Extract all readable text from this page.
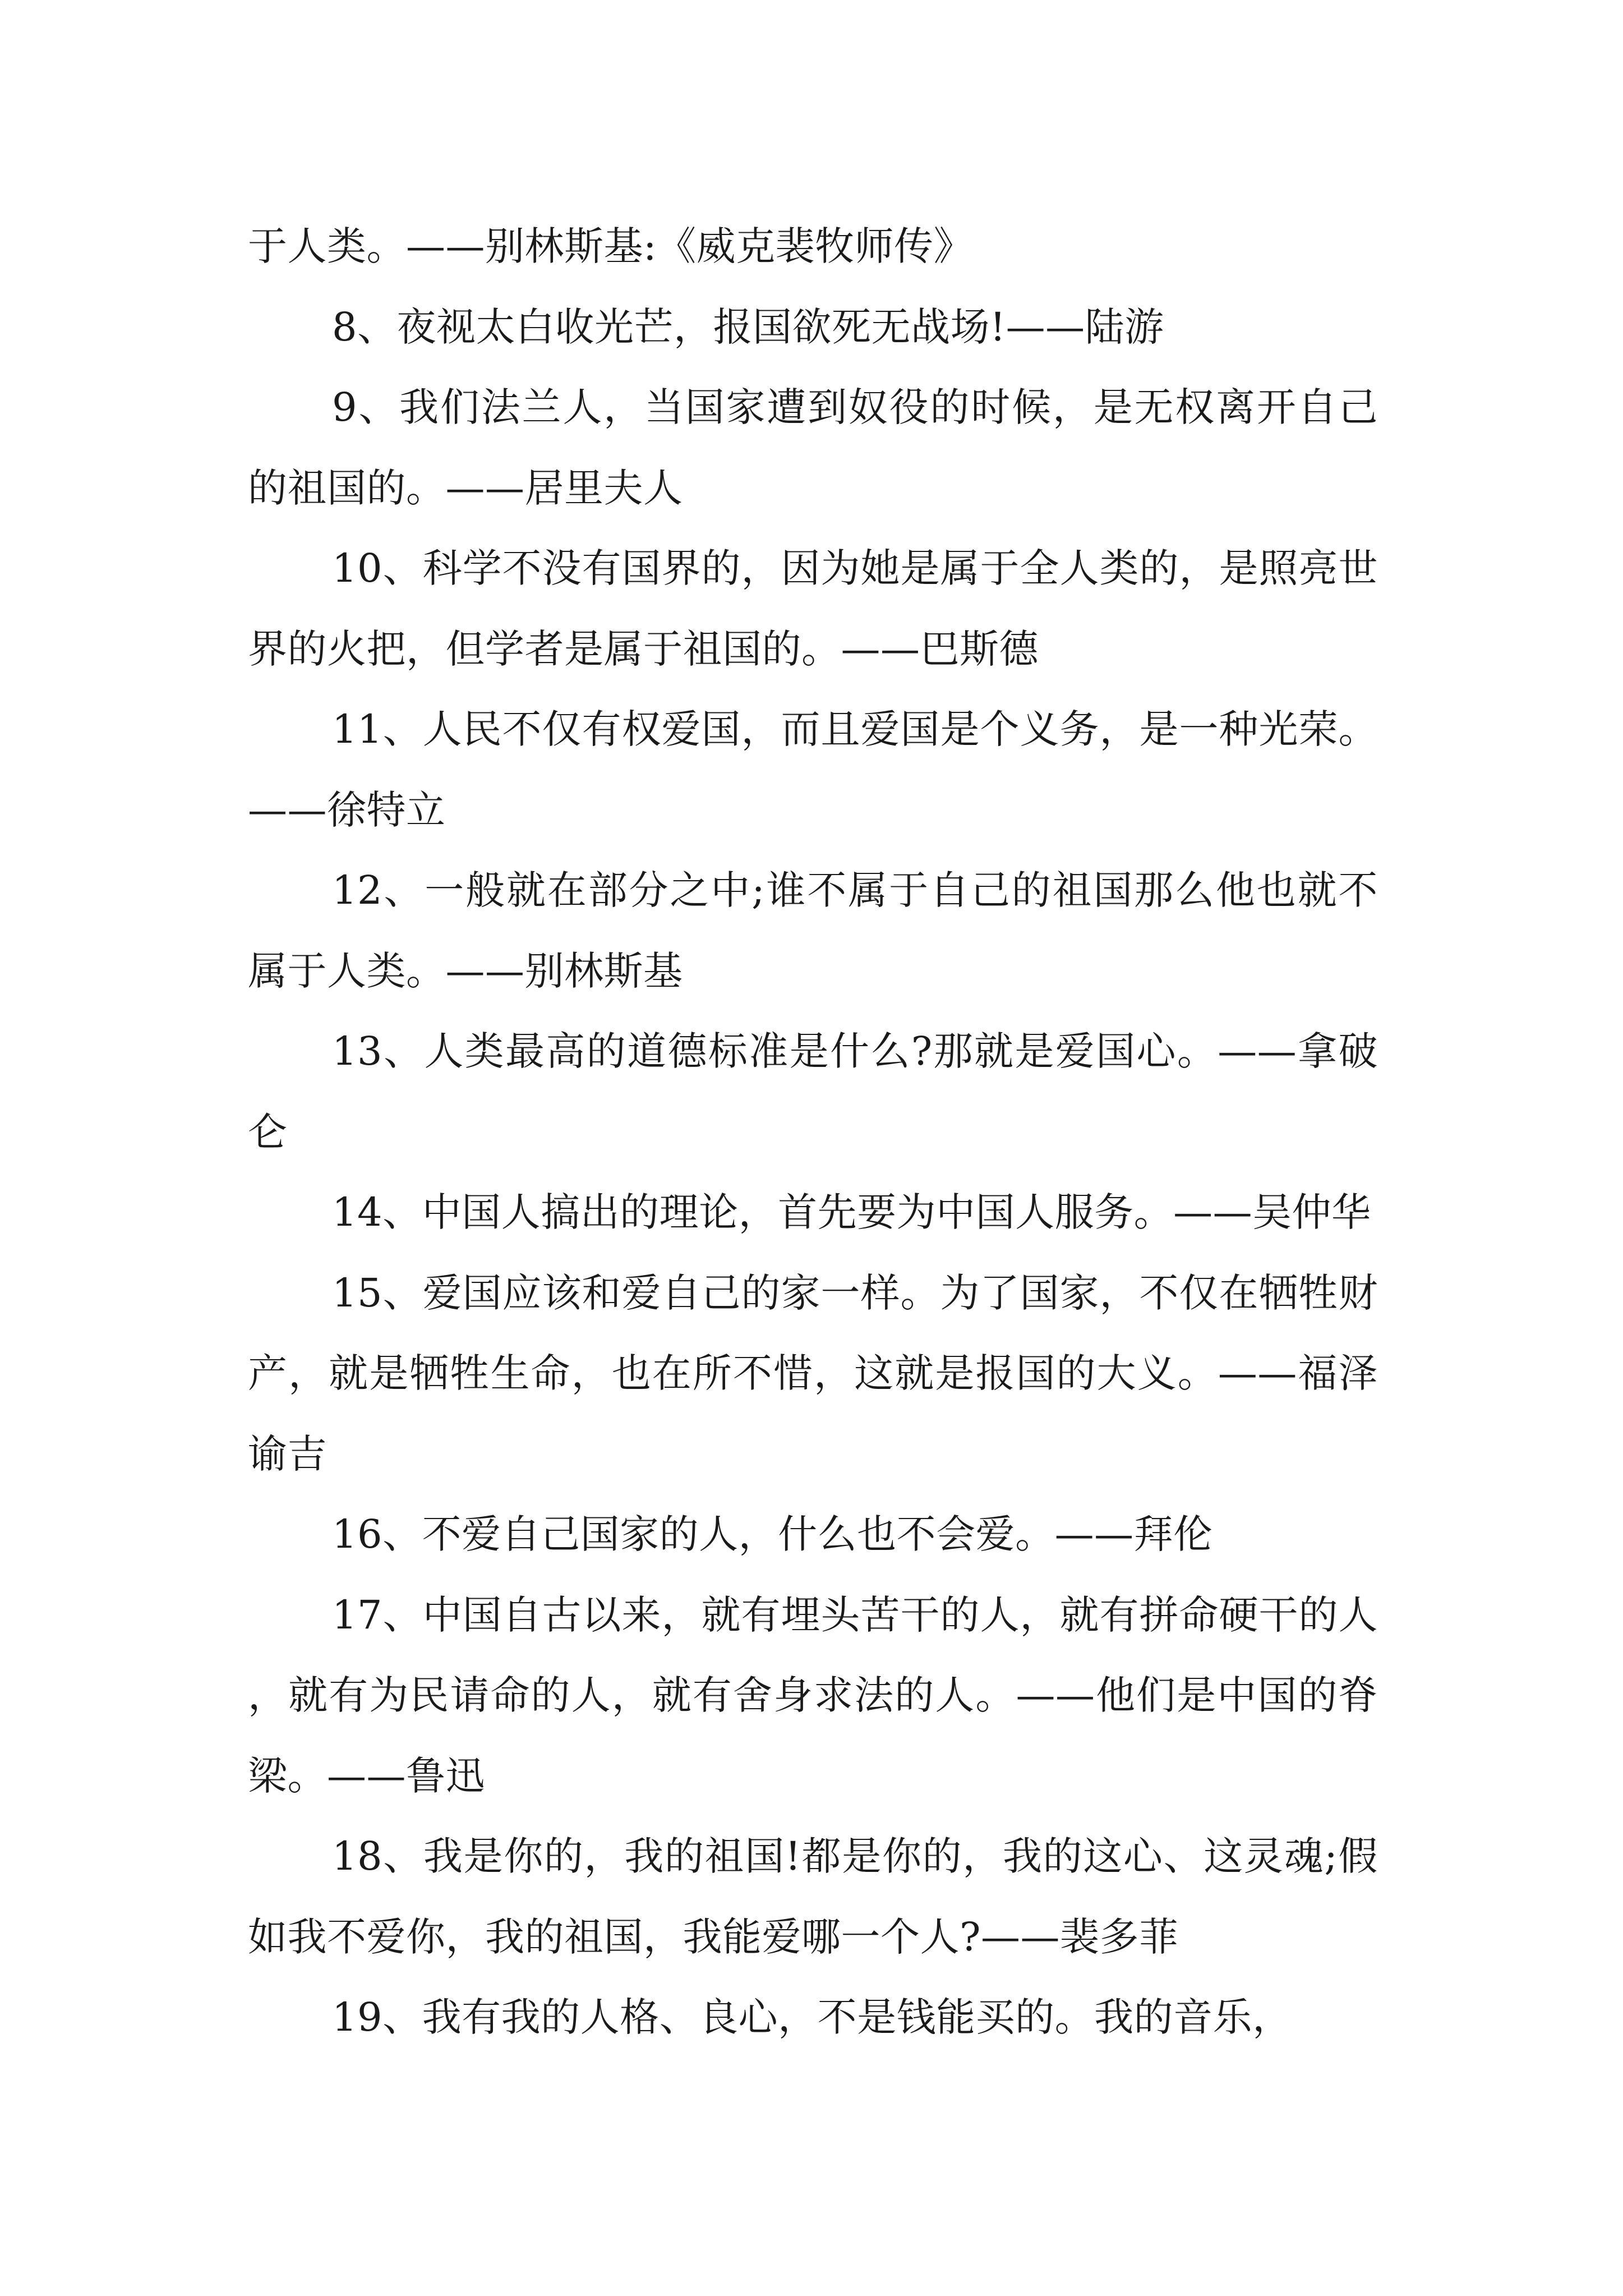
于人类。——别林斯基:《威克裴牧师传》

8、夜视太白收光芒，报国欲死无战场!——陆游

9、我们法兰人，当国家遭到奴役的时候，是无权离开自己的祖国的。——居里夫人

10、科学不没有国界的，因为她是属于全人类的，是照亮世界的火把，但学者是属于祖国的。——巴斯德

11、人民不仅有权爱国，而且爱国是个义务，是一种光荣。——徐特立

12、一般就在部分之中;谁不属于自己的祖国那么他也就不属于人类。——别林斯基

13、人类最高的道德标准是什么?那就是爱国心。——拿破仑

14、中国人搞出的理论，首先要为中国人服务。——吴仲华

15、爱国应该和爱自己的家一样。为了国家，不仅在牺牲财产，就是牺牲生命，也在所不惜，这就是报国的大义。——福泽谕吉

16、不爱自己国家的人，什么也不会爱。——拜伦

17、中国自古以来，就有埋头苦干的人，就有拼命硬干的人，就有为民请命的人，就有舍身求法的人。——他们是中国的脊梁。——鲁迅

18、我是你的，我的祖国!都是你的，我的这心、这灵魂;假如我不爱你，我的祖国，我能爱哪一个人?——裴多菲

19、我有我的人格、良心，不是钱能买的。我的音乐，
